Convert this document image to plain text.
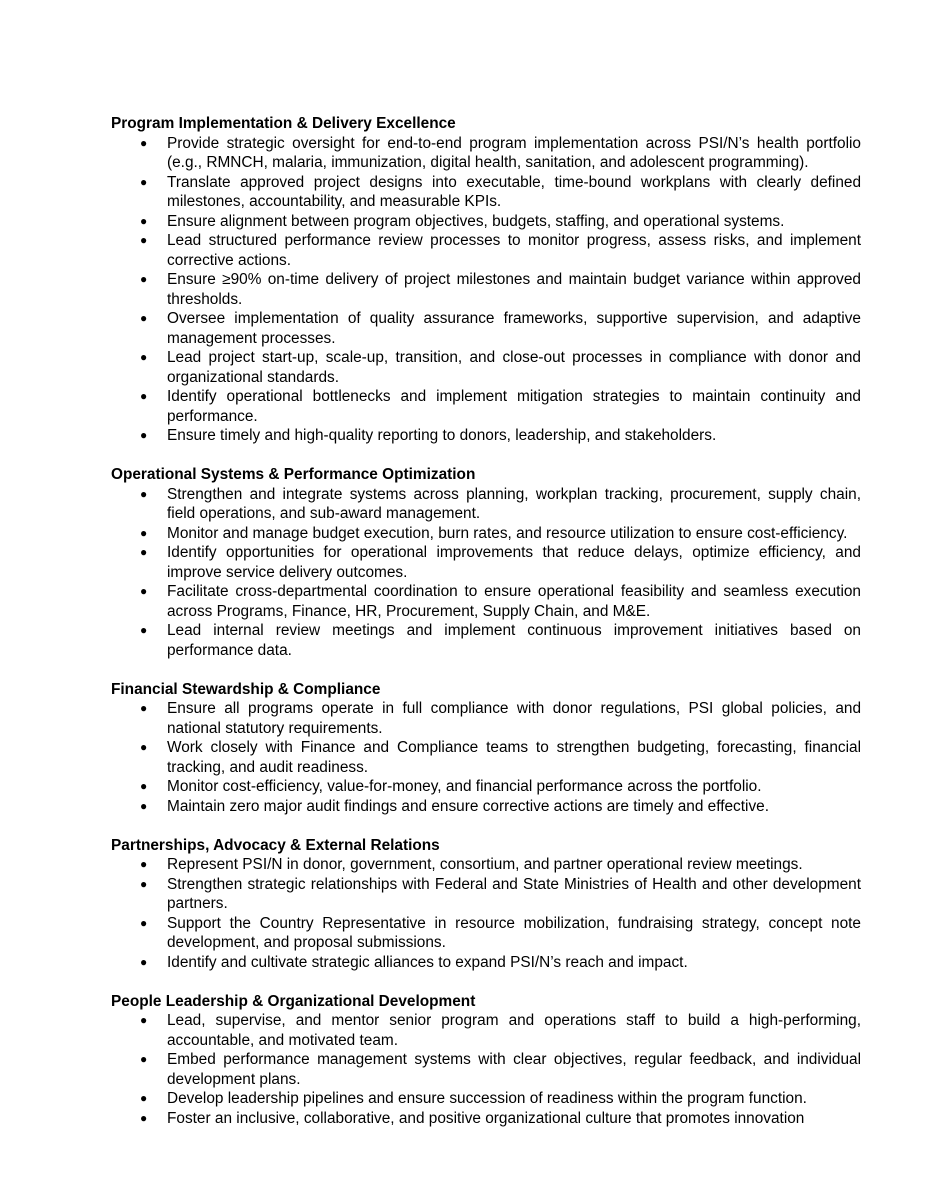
Program Implementation & Delivery Excellence

● Provide strategic oversight for end-to-end program implementation across PSI/N’s health portfolio (e.g., RMNCH, malaria, immunization, digital health, sanitation, and adolescent programming).
● Translate approved project designs into executable, time-bound workplans with clearly defined milestones, accountability, and measurable KPIs.
● Ensure alignment between program objectives, budgets, staffing, and operational systems.
● Lead structured performance review processes to monitor progress, assess risks, and implement corrective actions.
● Ensure ≥90% on-time delivery of project milestones and maintain budget variance within approved thresholds.
● Oversee implementation of quality assurance frameworks, supportive supervision, and adaptive management processes.
● Lead project start-up, scale-up, transition, and close-out processes in compliance with donor and organizational standards.
● Identify operational bottlenecks and implement mitigation strategies to maintain continuity and performance.
● Ensure timely and high-quality reporting to donors, leadership, and stakeholders.

Operational Systems & Performance Optimization

● Strengthen and integrate systems across planning, workplan tracking, procurement, supply chain, field operations, and sub-award management.
● Monitor and manage budget execution, burn rates, and resource utilization to ensure cost-efficiency.
● Identify opportunities for operational improvements that reduce delays, optimize efficiency, and improve service delivery outcomes.
● Facilitate cross-departmental coordination to ensure operational feasibility and seamless execution across Programs, Finance, HR, Procurement, Supply Chain, and M&E.
● Lead internal review meetings and implement continuous improvement initiatives based on performance data.

Financial Stewardship & Compliance

● Ensure all programs operate in full compliance with donor regulations, PSI global policies, and national statutory requirements.
● Work closely with Finance and Compliance teams to strengthen budgeting, forecasting, financial tracking, and audit readiness.
● Monitor cost-efficiency, value-for-money, and financial performance across the portfolio.
● Maintain zero major audit findings and ensure corrective actions are timely and effective.

Partnerships, Advocacy & External Relations

● Represent PSI/N in donor, government, consortium, and partner operational review meetings.
● Strengthen strategic relationships with Federal and State Ministries of Health and other development partners.
● Support the Country Representative in resource mobilization, fundraising strategy, concept note development, and proposal submissions.
● Identify and cultivate strategic alliances to expand PSI/N’s reach and impact.

People Leadership & Organizational Development

● Lead, supervise, and mentor senior program and operations staff to build a high-performing, accountable, and motivated team.
● Embed performance management systems with clear objectives, regular feedback, and individual development plans.
● Develop leadership pipelines and ensure succession of readiness within the program function.
● Foster an inclusive, collaborative, and positive organizational culture that promotes innovation
